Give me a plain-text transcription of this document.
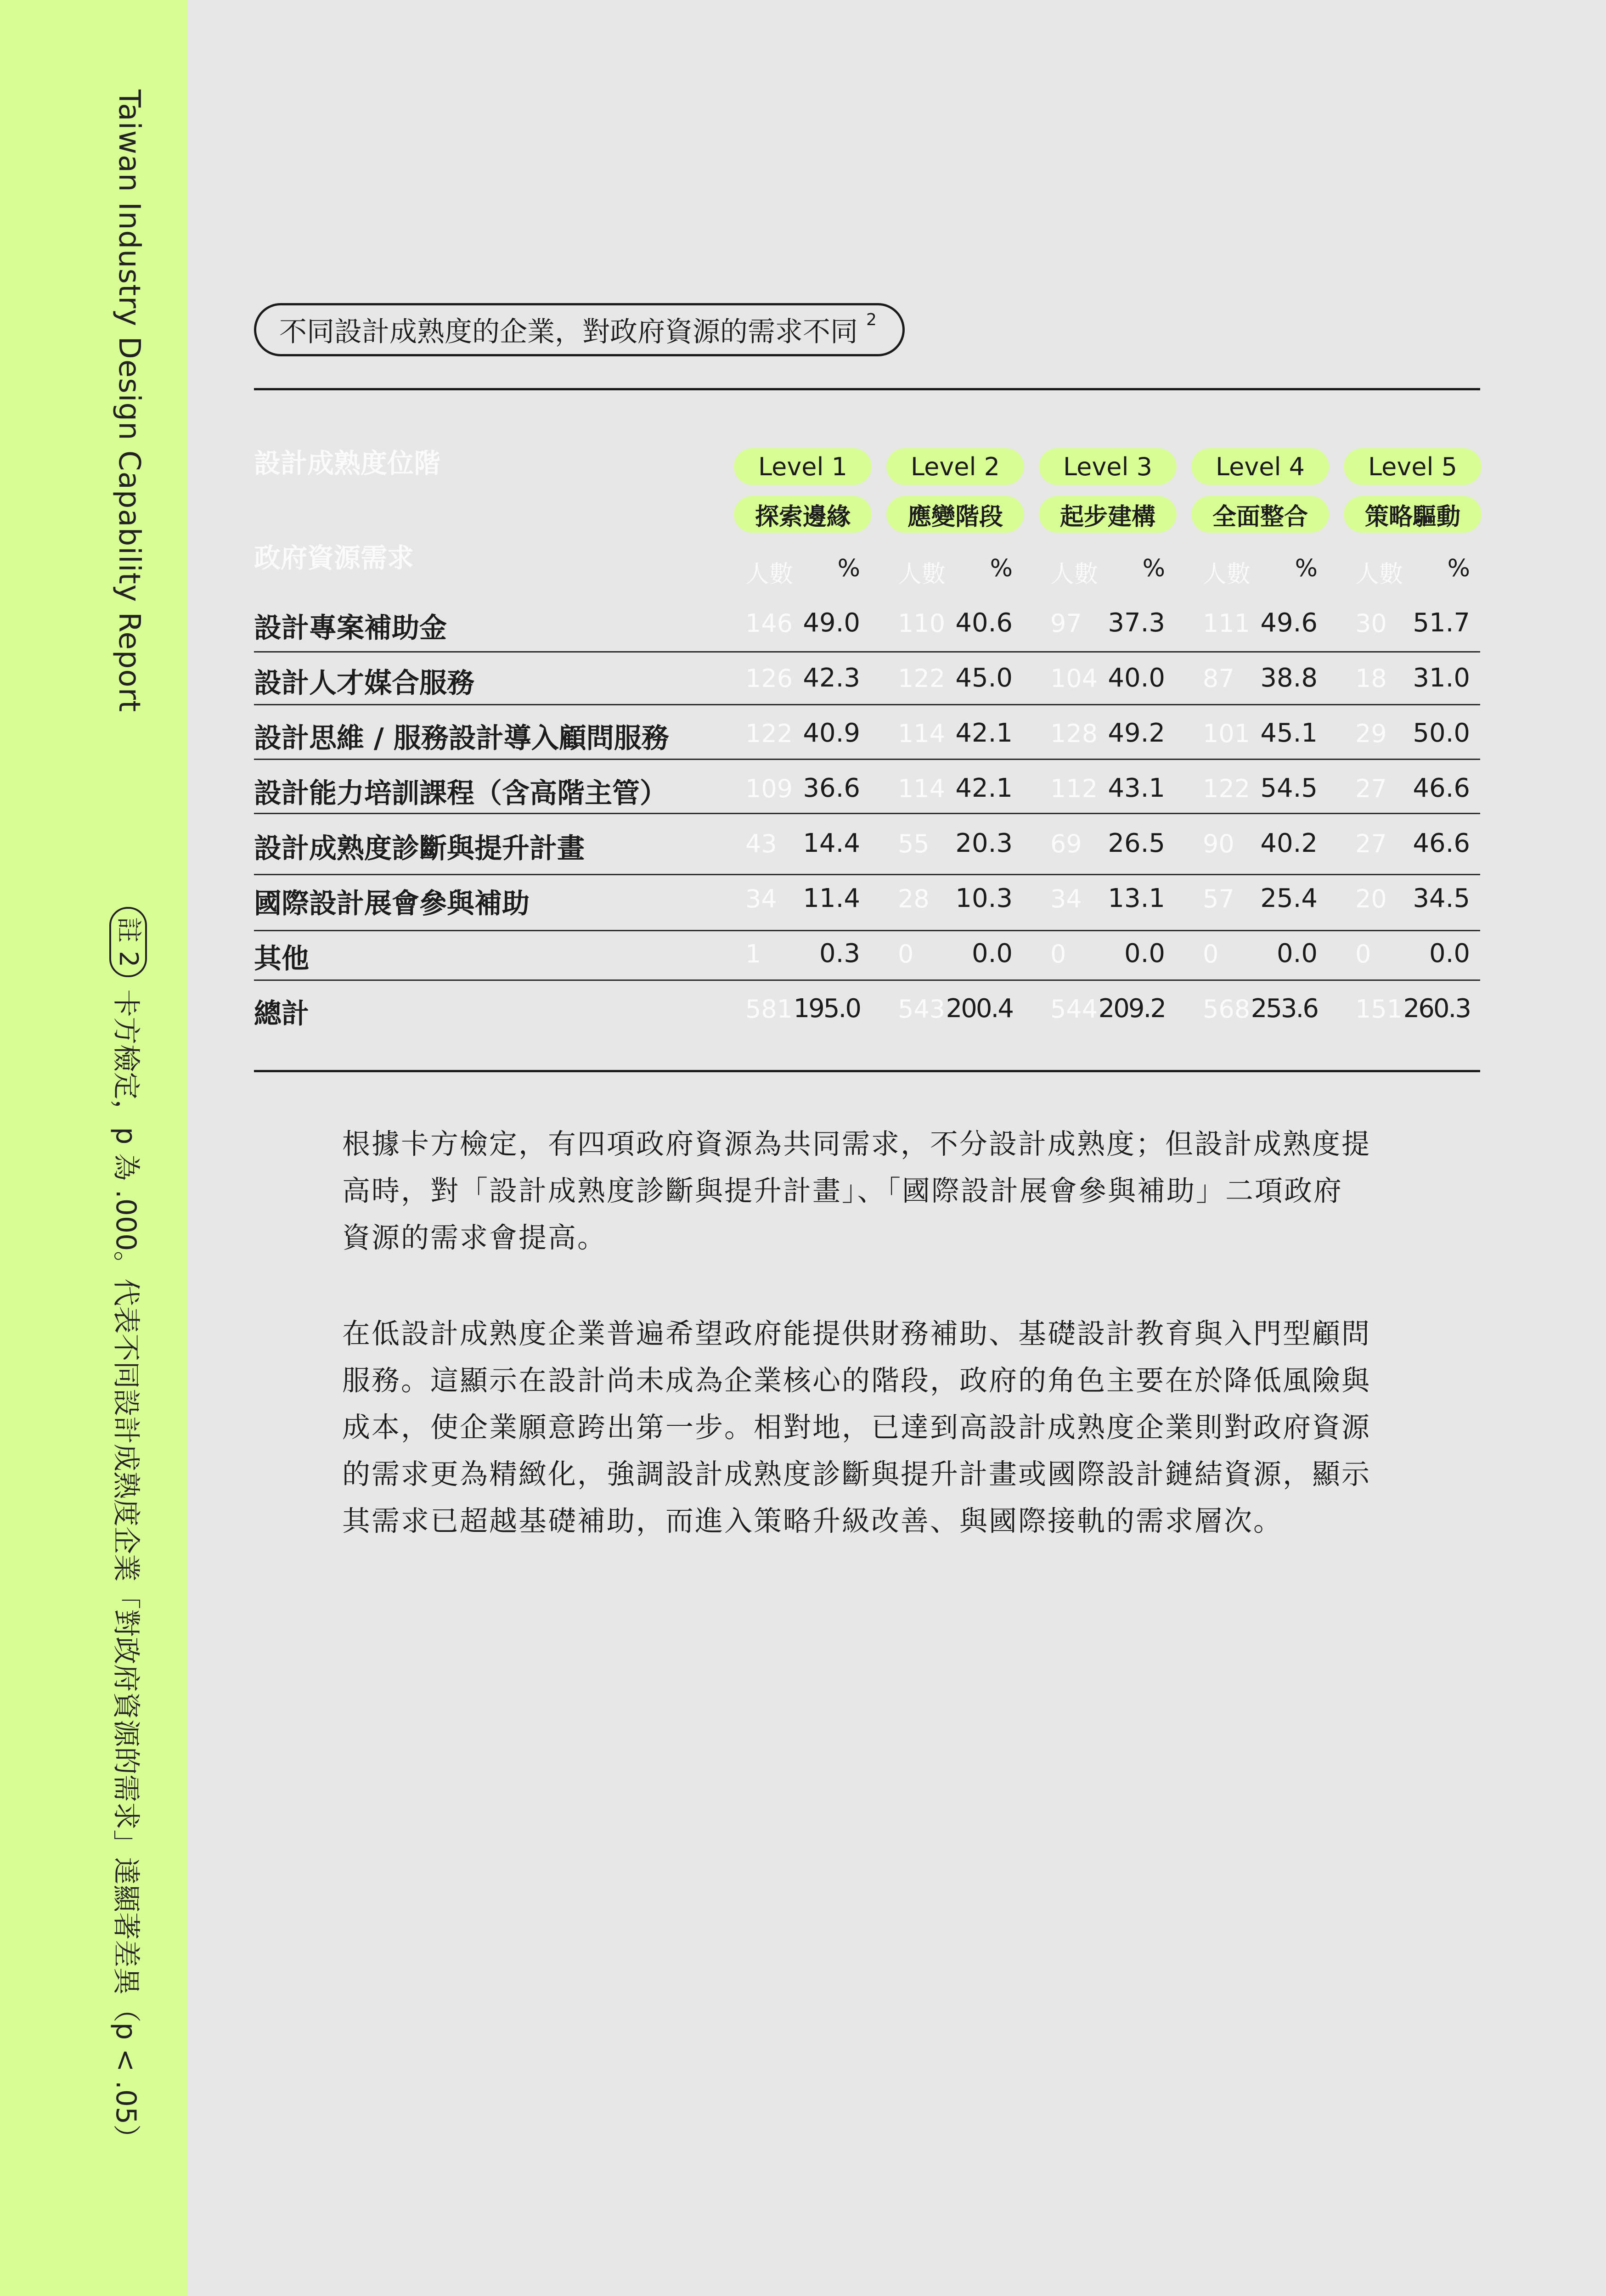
Taiwan Industry Design Capability Report
註 2
卡方檢定，p 為 .000。代表不同設計成熟度企業「對政府資源的需求」達顯著差異（p < .05）
不同設計成熟度的企業，對政府資源的需求不同 $^2$
設計成熟度位階
政府資源需求
Level 1
探索邊緣
Level 2
應變階段
Level 3
起步建構
Level 4
全面整合
Level 5
策略驅動
人數	% 人數	% 人數	% 人數	% 人數	%
設計專案補助金	146 49.0 110 40.6 97	37.3 111 49.6 30	51.7
設計人才媒合服務	126 42.3 122 45.0 104 40.0 87	38.8 18	31.0
設計思維 / 服務設計導入顧問服務	122 40.9 114 42.1 128 49.2 101 45.1 29	50.0
設計能力培訓課程（含高階主管）	109 36.6 114 42.1 112 43.1 122 54.5 27	46.6
設計成熟度診斷與提升計畫	43	14.4 55	20.3 69	26.5 90	40.2 27	46.6
國際設計展會參與補助	34	11.4 28	10.3 34	13.1 57	25.4 20	34.5
其他	1	0.3 0	0.0 0	0.0 0	0.0 0	0.0
總計	581 195.0 543 200.4 544 209.2 568 253.6 151 260.3
根據卡方檢定，有四項政府資源為共同需求，不分設計成熟度；但設計成熟度提
高時，對「設計成熟度診斷與提升計畫」、「國際設計展會參與補助」二項政府
資源的需求會提高。
在低設計成熟度企業普遍希望政府能提供財務補助、基礎設計教育與入門型顧問
服務。這顯示在設計尚未成為企業核心的階段，政府的角色主要在於降低風險與
成本，使企業願意跨出第一步。相對地，已達到高設計成熟度企業則對政府資源
的需求更為精緻化，強調設計成熟度診斷與提升計畫或國際設計鏈結資源，顯示
其需求已超越基礎補助，而進入策略升級改善、與國際接軌的需求層次。
